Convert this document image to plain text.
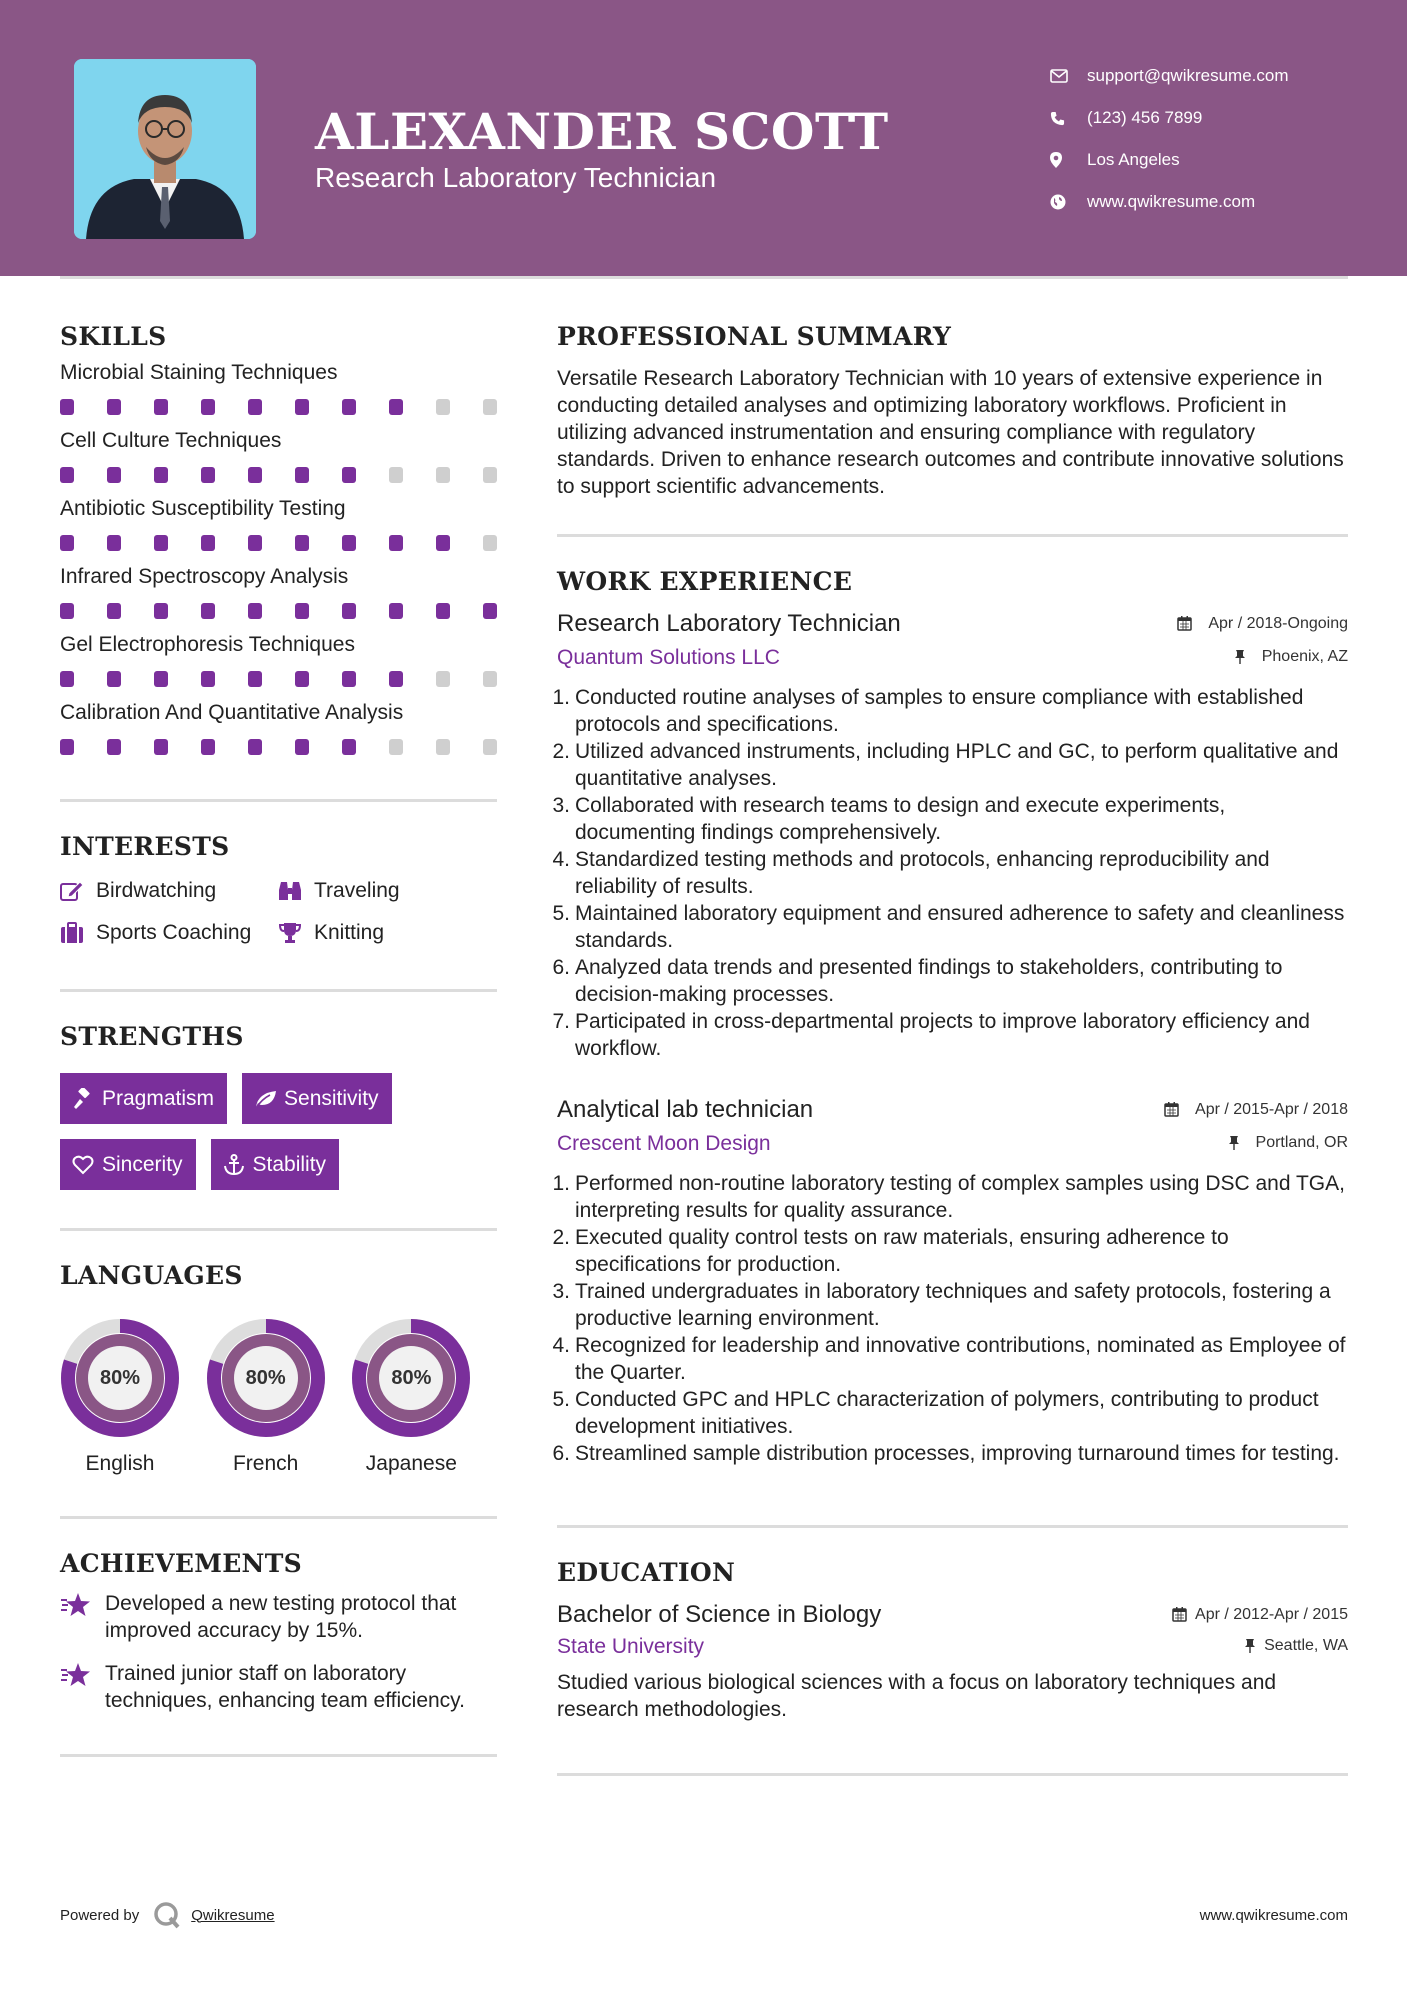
ALEXANDER SCOTT
Research Laboratory Technician
support@qwikresume.com
(123) 456 7899
Los Angeles
www.qwikresume.com
SKILLS
Microbial Staining Techniques
Cell Culture Techniques
Antibiotic Susceptibility Testing
Infrared Spectroscopy Analysis
Gel Electrophoresis Techniques
Calibration And Quantitative Analysis
INTERESTS
Birdwatching	Traveling
Sports Coaching	Knitting
STRENGTHS
Pragmatism	Sensitivity
Sincerity	Stability
LANGUAGES
80%
English
80%
French
80%
Japanese
ACHIEVEMENTS
Developed a new testing protocol that improved accuracy by 15%.
Trained junior staff on laboratory techniques, enhancing team efficiency.
PROFESSIONAL SUMMARY
Versatile Research Laboratory Technician with 10 years of extensive experience in conducting detailed analyses and optimizing laboratory workflows. Proficient in utilizing advanced instrumentation and ensuring compliance with regulatory standards. Driven to enhance research outcomes and contribute innovative solutions to support scientific advancements.
WORK EXPERIENCE
Research Laboratory Technician	Apr / 2018-Ongoing
Quantum Solutions LLC	Phoenix, AZ
1. Conducted routine analyses of samples to ensure compliance with established protocols and specifications.
2. Utilized advanced instruments, including HPLC and GC, to perform qualitative and quantitative analyses.
3. Collaborated with research teams to design and execute experiments, documenting findings comprehensively.
4. Standardized testing methods and protocols, enhancing reproducibility and reliability of results.
5. Maintained laboratory equipment and ensured adherence to safety and cleanliness standards.
6. Analyzed data trends and presented findings to stakeholders, contributing to decision-making processes.
7. Participated in cross-departmental projects to improve laboratory efficiency and workflow.
Analytical lab technician	Apr / 2015-Apr / 2018
Crescent Moon Design	Portland, OR
1. Performed non-routine laboratory testing of complex samples using DSC and TGA, interpreting results for quality assurance.
2. Executed quality control tests on raw materials, ensuring adherence to specifications for production.
3. Trained undergraduates in laboratory techniques and safety protocols, fostering a productive learning environment.
4. Recognized for leadership and innovative contributions, nominated as Employee of the Quarter.
5. Conducted GPC and HPLC characterization of polymers, contributing to product development initiatives.
6. Streamlined sample distribution processes, improving turnaround times for testing.
EDUCATION
Bachelor of Science in Biology	Apr / 2012-Apr / 2015
State University	Seattle, WA
Studied various biological sciences with a focus on laboratory techniques and research methodologies.
Powered by	Qwikresume	www.qwikresume.com
